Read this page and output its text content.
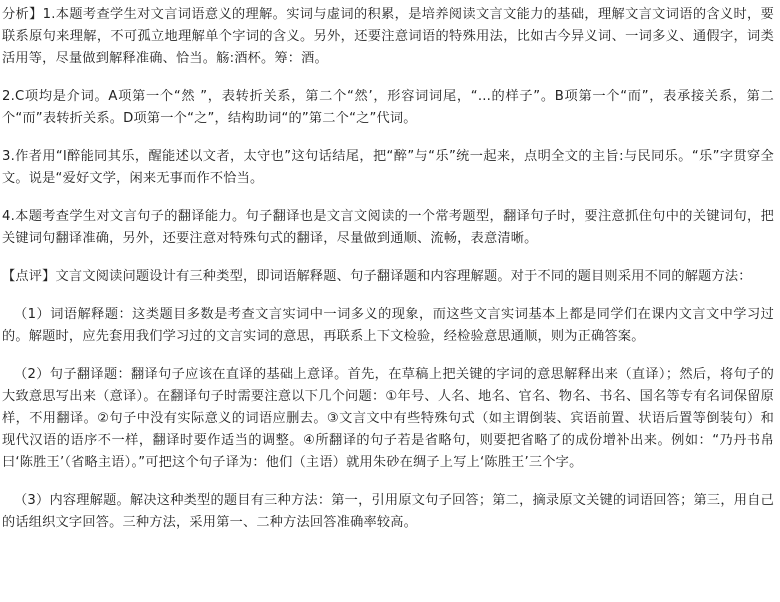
分析】1.本题考查学生对文言词语意义的理解。实词与虚词的积累，是培养阅读文言文能力的基础，理解文言文词语的含义时，要联系原句来理解，不可孤立地理解单个字词的含义。另外，还要注意词语的特殊用法，比如古今异义词、一词多义、通假字，词类活用等，尽量做到解释准确、恰当。觞:酒杯。筹：酒。

2.C项均是介词。A项第一个“然 ”，表转折关系，第二个“然’，形容词词尾，“...的样子”。B项第一个“而”，表承接关系，第二个“而”表转折关系。D项第一个“之”，结构助词“的”第二个“之”代词。

3.作者用“l醉能同其乐，醒能述以文者，太守也”这句话结尾，把“醉”与“乐”统一起来，点明全文的主旨:与民同乐。“乐”字贯穿全文。说是“爱好文学，闲来无事而作不恰当。

4.本题考查学生对文言句子的翻译能力。句子翻译也是文言文阅读的一个常考题型，翻译句子时，要注意抓住句中的关键词句，把关键词句翻译准确，另外，还要注意对特殊句式的翻译，尽量做到通顺、流畅，表意清晰。

【点评】文言文阅读问题设计有三种类型，即词语解释题、句子翻译题和内容理解题。对于不同的题目则采用不同的解题方法：

（1）词语解释题：这类题目多数是考查文言实词中一词多义的现象，而这些文言实词基本上都是同学们在课内文言文中学习过的。解题时，应先套用我们学习过的文言实词的意思，再联系上下文检验，经检验意思通顺，则为正确答案。

（2）句子翻译题：翻译句子应该在直译的基础上意译。首先，在草稿上把关键的字词的意思解释出来（直译）；然后，将句子的大致意思写出来（意译）。在翻译句子时需要注意以下几个问题：①年号、人名、地名、官名、物名、书名、国名等专有名词保留原样，不用翻译。②句子中没有实际意义的词语应删去。③文言文中有些特殊句式（如主谓倒装、宾语前置、状语后置等倒装句）和现代汉语的语序不一样，翻译时要作适当的调整。④所翻译的句子若是省略句，则要把省略了的成份增补出来。例如：“乃丹书帛曰‘陈胜王’（省略主语）。”可把这个句子译为：他们（主语）就用朱砂在绸子上写上‘陈胜王’三个字。

（3）内容理解题。解决这种类型的题目有三种方法：第一，引用原文句子回答；第二，摘录原文关键的词语回答；第三，用自己的话组织文字回答。三种方法，采用第一、二种方法回答准确率较高。
